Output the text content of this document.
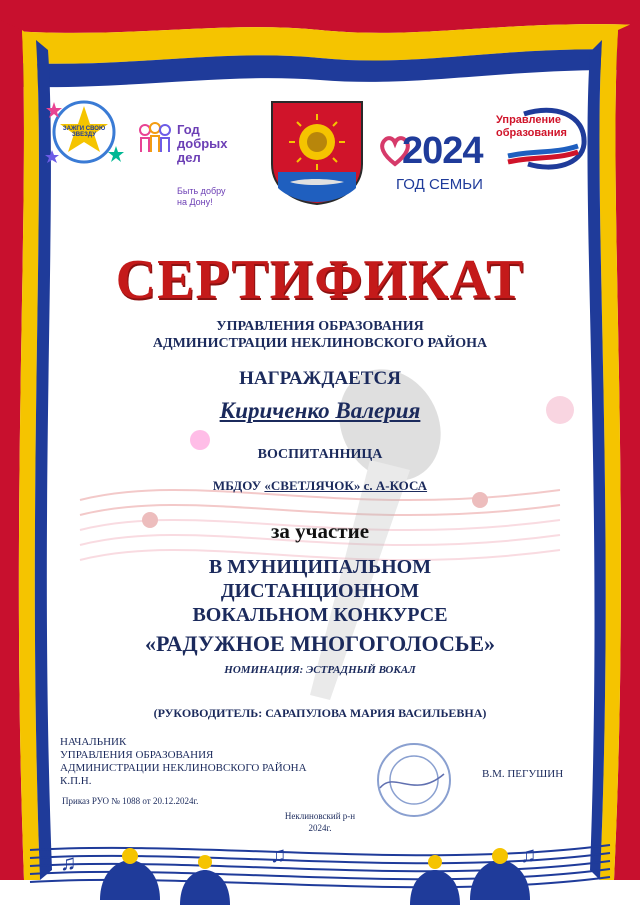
♫	♫	♫
ЗАЖГИ СВОЮ ЗВЕЗДУ	Год
добрых
дел
Быть добру
на Дону!
2024
ГОД СЕМЬИ
Управление
образования
СЕРТИФИКАТ
УПРАВЛЕНИЯ ОБРАЗОВАНИЯ
АДМИНИСТРАЦИИ НЕКЛИНОВСКОГО РАЙОНА
НАГРАЖДАЕТСЯ
Кириченко Валерия
ВОСПИТАННИЦА
МБДОУ «СВЕТЛЯЧОК» с. А-КОСА
за участие
В МУНИЦИПАЛЬНОМ
ДИСТАНЦИОННОМ
ВОКАЛЬНОМ КОНКУРСЕ
«РАДУЖНОЕ МНОГОГОЛОСЬЕ»
НОМИНАЦИЯ: ЭСТРАДНЫЙ ВОКАЛ
(РУКОВОДИТЕЛЬ: САРАПУЛОВА МАРИЯ ВАСИЛЬЕВНА)
НАЧАЛЬНИК
УПРАВЛЕНИЯ ОБРАЗОВАНИЯ
АДМИНИСТРАЦИИ НЕКЛИНОВСКОГО РАЙОНА
К.П.Н.
В.М. ПЕГУШИН
Приказ РУО № 1088 от 20.12.2024г.
Неклиновский р-н
2024г.
